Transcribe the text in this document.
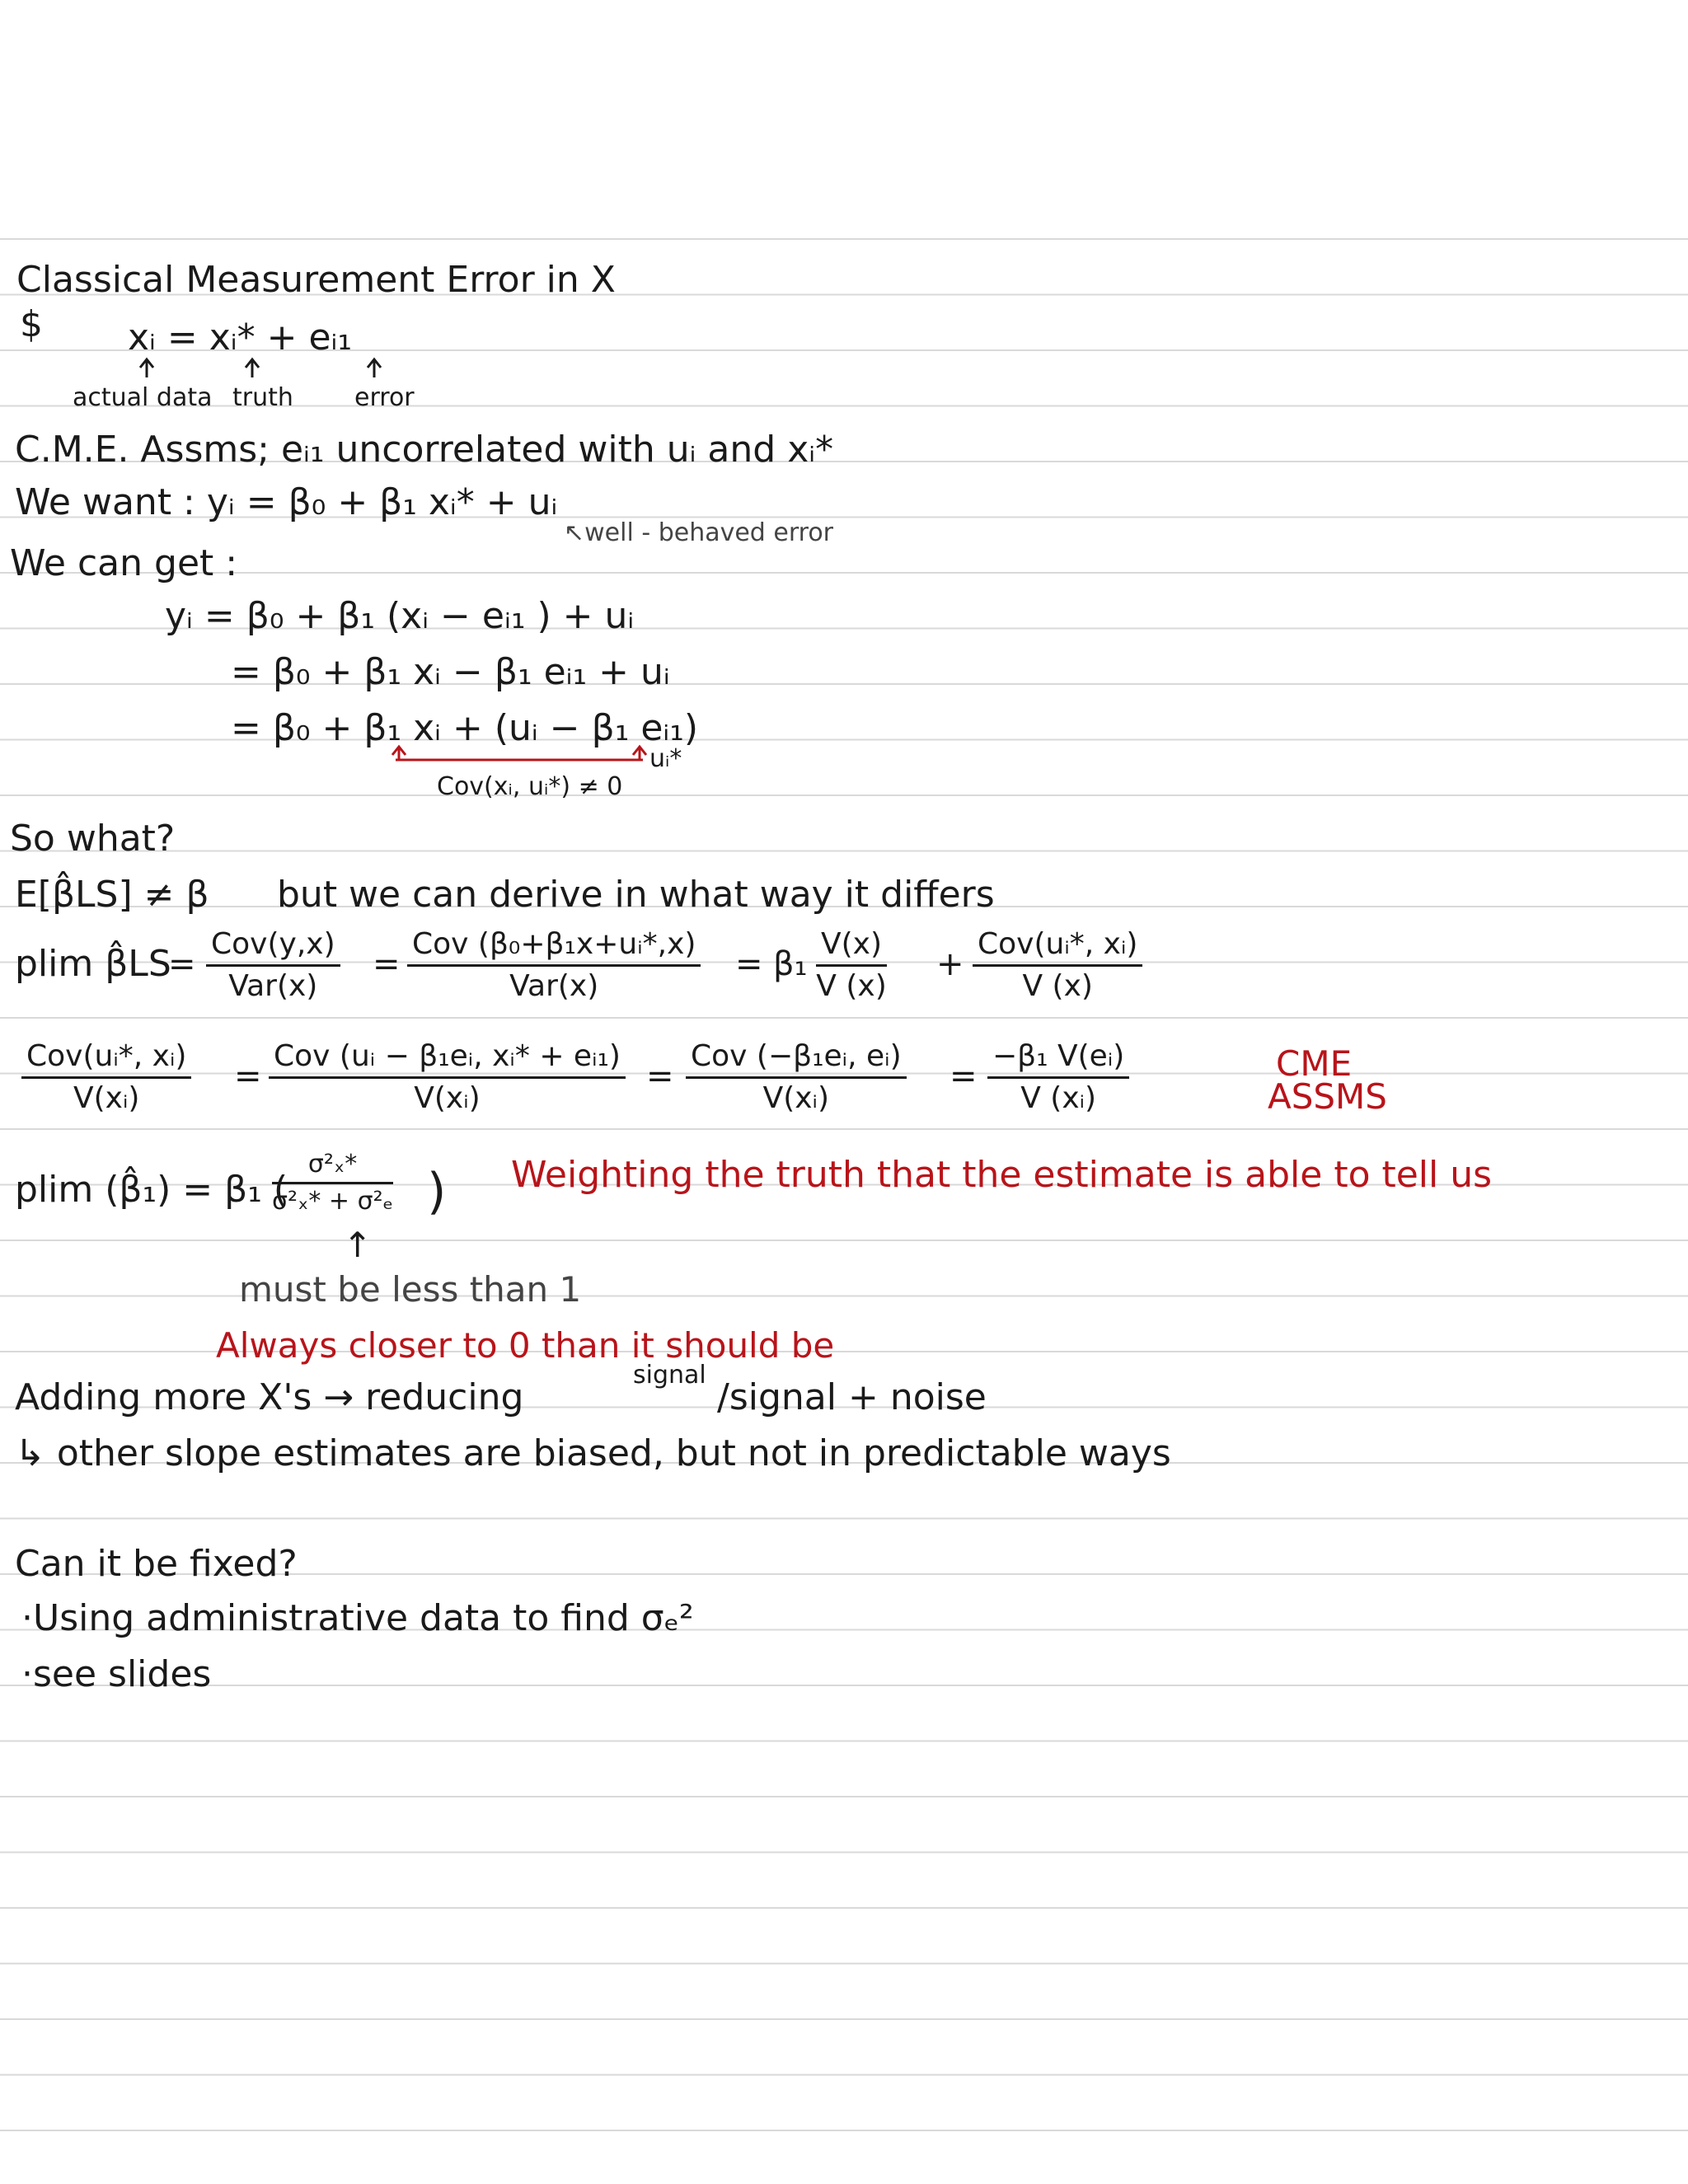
Classical Measurement Error in X
$ xᵢ = xᵢ* + eᵢ₁
actual data truth error
C.M.E. Assms; eᵢ₁ uncorrelated with uᵢ and xᵢ*
We want : yᵢ = β₀ + β₁ xᵢ* + uᵢ
↖well - behaved error
We can get :
yᵢ = β₀ + β₁ (xᵢ − eᵢ₁ ) + uᵢ
= β₀ + β₁ xᵢ − β₁ eᵢ₁ + uᵢ
= β₀ + β₁ xᵢ + (uᵢ − β₁ eᵢ₁)
uᵢ*
Cov(xᵢ, uᵢ*) ≠ 0
So what?
E[β̂LS] ≠ β but we can derive in what way it differs
plim β̂LS
=
Cov(y,x)
Var(x)
=
Cov (β₀+β₁x+uᵢ*,x)
Var(x)
= $\beta_1 \frac{V(x)}{V (x)}$ +
Cov(uᵢ*, xᵢ)
V (x)
Cov(uᵢ*, xᵢ)
V(xᵢ)
=
Cov (uᵢ − β₁eᵢ, xᵢ* + eᵢ₁)
V(xᵢ)
=
Cov (−β₁eᵢ, eᵢ)
V(xᵢ)
= $\frac{\text{−β₁ V(eᵢ)}}{\text{V (xᵢ)}}$	CME
ASSMS
plim (β̂₁) = β₁ (
$\frac{\text{σ²ₓ*}}{\text{σ²ₓ* + σ²ₑ}}$ ) Weighting the truth that the estimate is able to tell us
↑
must be less than 1
Always closer to 0 than it should be
Adding more X's → reducing
signal
/signal + noise
↳ other slope estimates are biased, but not in predictable ways
Can it be fixed?
·Using administrative data to find σₑ²
·see slides
